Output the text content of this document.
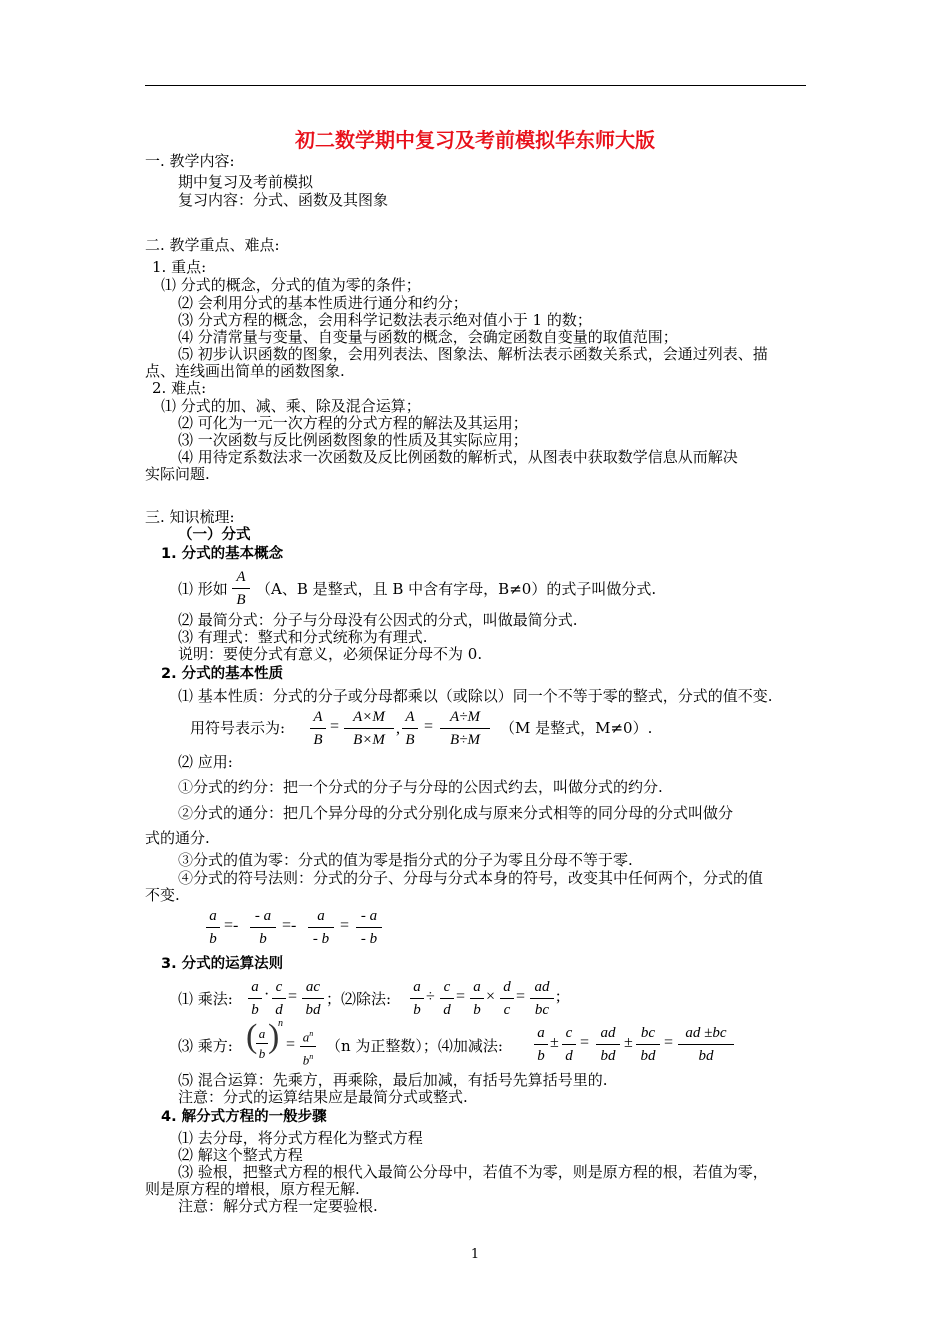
初二数学期中复习及考前模拟华东师大版
一. 教学内容:
期中复习及考前模拟
复习内容：分式、函数及其图象
二. 教学重点、难点:
1. 重点:
⑴ 分式的概念，分式的值为零的条件；
⑵ 会利用分式的基本性质进行通分和约分；
⑶ 分式方程的概念，会用科学记数法表示绝对值小于 1 的数；
⑷ 分清常量与变量、自变量与函数的概念，会确定函数自变量的取值范围；
⑸ 初步认识函数的图象，会用列表法、图象法、解析法表示函数关系式，会通过列表、描
点、连线画出简单的函数图象.
2. 难点:
⑴ 分式的加、减、乘、除及混合运算；
⑵ 可化为一元一次方程的分式方程的解法及其运用；
⑶ 一次函数与反比例函数图象的性质及其实际应用；
⑷ 用待定系数法求一次函数及反比例函数的解析式，从图表中获取数学信息从而解决
实际问题.
三. 知识梳理:
（一）分式
1. 分式的基本概念
⑴ 形如
A
B
（A、B 是整式，且 B 中含有字母，B≠0）的式子叫做分式.
⑵ 最简分式：分子与分母没有公因式的分式，叫做最简分式.
⑶ 有理式：整式和分式统称为有理式.
说明：要使分式有意义，必须保证分母不为 0.
2. 分式的基本性质
⑴ 基本性质：分式的分子或分母都乘以（或除以）同一个不等于零的整式，分式的值不变.
用符号表示为:
A
B
=
A×M
B×M
,
A
B
=
A÷M
B÷M
（M 是整式，M≠0）.
⑵ 应用:
①分式的约分：把一个分式的分子与分母的公因式约去，叫做分式的约分.
②分式的通分：把几个异分母的分式分别化成与原来分式相等的同分母的分式叫做分
式的通分.
③分式的值为零：分式的值为零是指分式的分子为零且分母不等于零.
④分式的符号法则：分式的分子、分母与分式本身的符号，改变其中任何两个，分式的值
不变.
a
b
=-
- a
b
=-
a
- b
=
- a
- b
3. 分式的运算法则
⑴ 乘法:
a
b
· c
d
=
ac
bd
；⑵除法:
a
b
÷
c
d
=
a
b
×
d
c
=
ad
bc
;
⑶ 乘方: ( a
b )
n
= $a^n$
$b^n$
（n 为正整数）；⑷加减法:
a
b
±
c
d
=
ad
bd
±
bc
bd
=
ad ±bc
bd
⑸ 混合运算：先乘方，再乘除，最后加减，有括号先算括号里的.
注意：分式的运算结果应是最简分式或整式.
4. 解分式方程的一般步骤
⑴ 去分母，将分式方程化为整式方程
⑵ 解这个整式方程
⑶ 验根，把整式方程的根代入最简公分母中，若值不为零，则是原方程的根，若值为零，
则是原方程的增根，原方程无解.
注意：解分式方程一定要验根.
1
